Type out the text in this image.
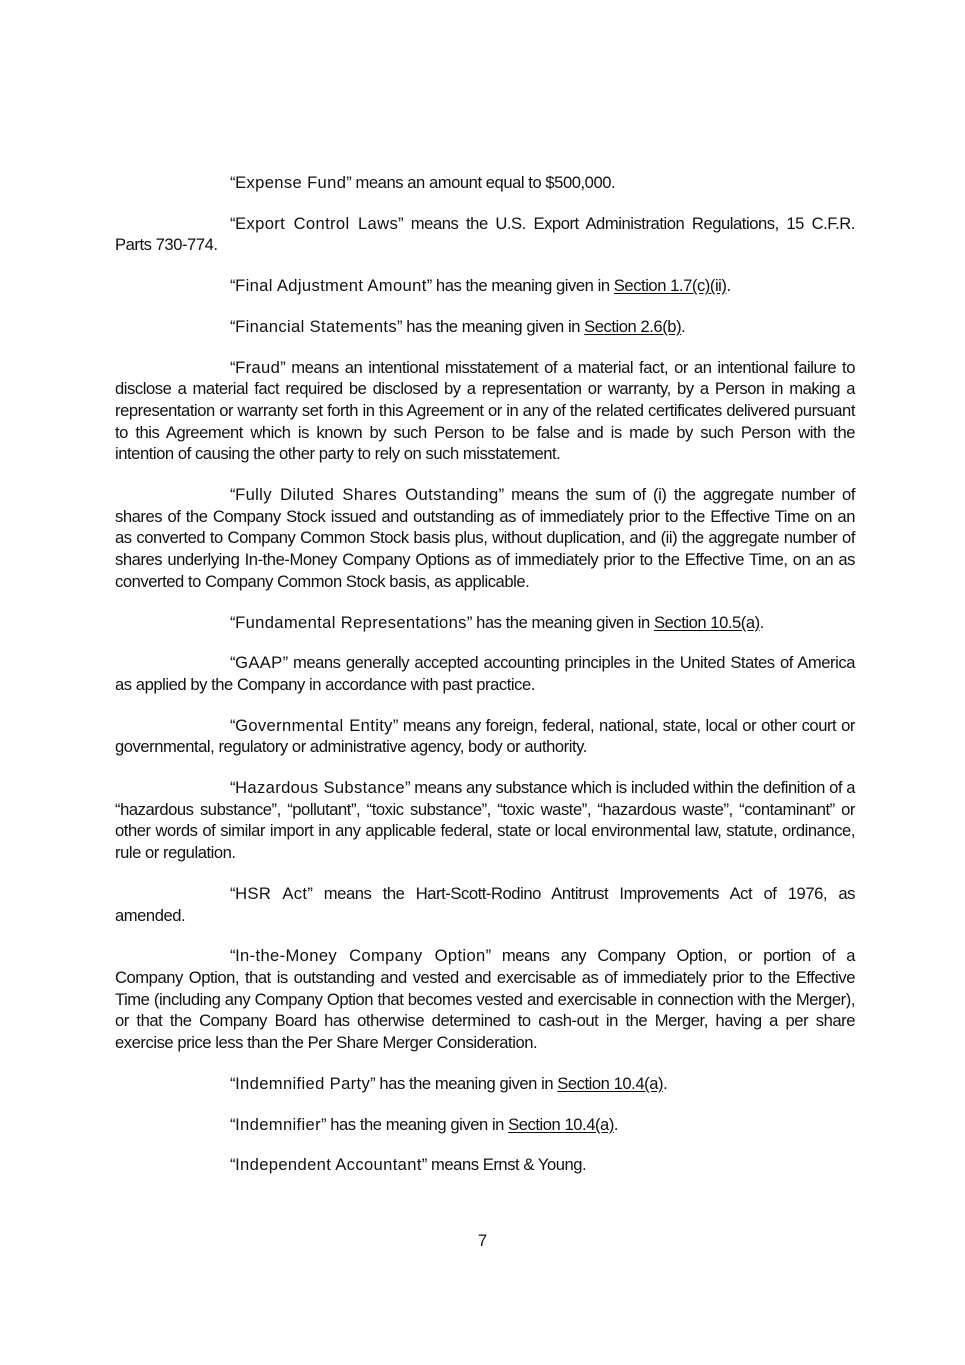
“Expense Fund” means an amount equal to $500,000.

“Export Control Laws” means the U.S. Export Administration Regulations, 15 C.F.R. Parts 730-774.

“Final Adjustment Amount” has the meaning given in Section 1.7(c)(ii).

“Financial Statements” has the meaning given in Section 2.6(b).

“Fraud” means an intentional misstatement of a material fact, or an intentional failure to disclose a material fact required be disclosed by a representation or warranty, by a Person in making a representation or warranty set forth in this Agreement or in any of the related certificates delivered pursuant to this Agreement which is known by such Person to be false and is made by such Person with the intention of causing the other party to rely on such misstatement.

“Fully Diluted Shares Outstanding” means the sum of (i) the aggregate number of shares of the Company Stock issued and outstanding as of immediately prior to the Effective Time on an as converted to Company Common Stock basis plus, without duplication, and (ii) the aggregate number of shares underlying In-the-Money Company Options as of immediately prior to the Effective Time, on an as converted to Company Common Stock basis, as applicable.

“Fundamental Representations” has the meaning given in Section 10.5(a).

“GAAP” means generally accepted accounting principles in the United States of America as applied by the Company in accordance with past practice.

“Governmental Entity” means any foreign, federal, national, state, local or other court or governmental, regulatory or administrative agency, body or authority.

“Hazardous Substance” means any substance which is included within the definition of a “hazardous substance”, “pollutant”, “toxic substance”, “toxic waste”, “hazardous waste”, “contaminant” or other words of similar import in any applicable federal, state or local environmental law, statute, ordinance, rule or regulation.

“HSR Act” means the Hart-Scott-Rodino Antitrust Improvements Act of 1976, as amended.

“In-the-Money Company Option” means any Company Option, or portion of a Company Option, that is outstanding and vested and exercisable as of immediately prior to the Effective Time (including any Company Option that becomes vested and exercisable in connection with the Merger), or that the Company Board has otherwise determined to cash-out in the Merger, having a per share exercise price less than the Per Share Merger Consideration.

“Indemnified Party” has the meaning given in Section 10.4(a).

“Indemnifier” has the meaning given in Section 10.4(a).

“Independent Accountant” means Ernst & Young.

7
